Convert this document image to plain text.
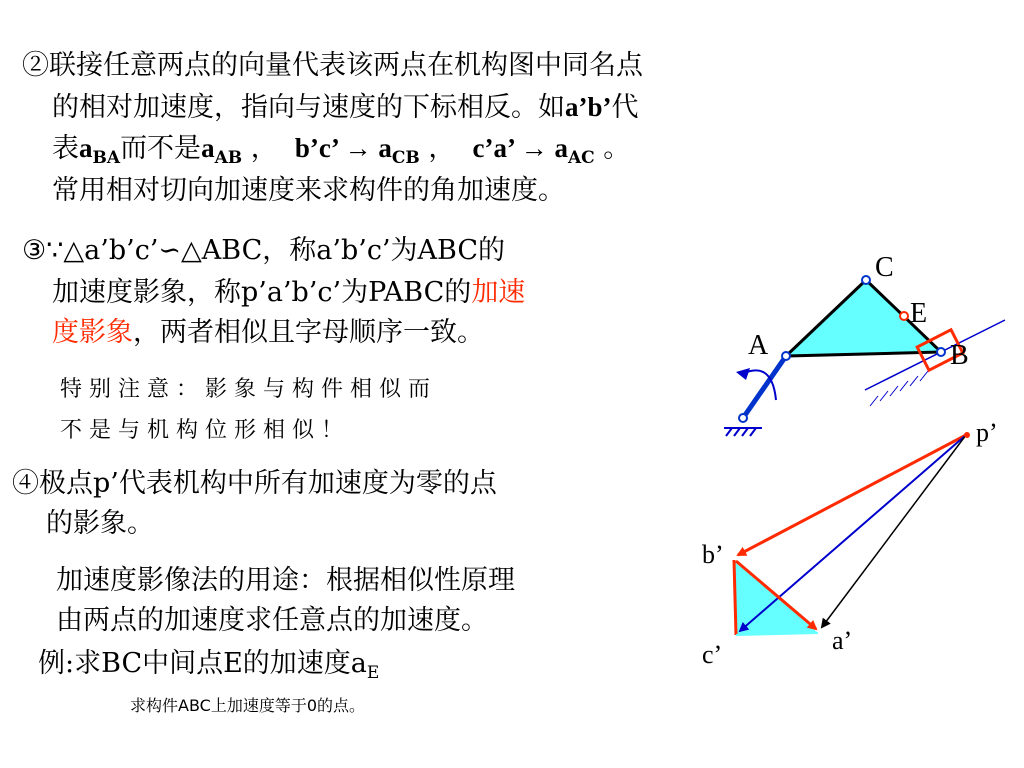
②联接任意两点的向量代表该两点在机构图中同名点
的相对加速度，指向与速度的下标相反。如a’b’代
表$a_{BA}$而不是$a_{AB}$ ，  b’c’ → $a_{CB}$ ，  c’a’ → $a_{AC}$ 。
常用相对切向加速度来求构件的角加速度。
③∵△a’b’c’∽△ABC，称a’b’c’为ABC的
加速度影象，称p’a’b’c’为PABC的加速
度影象，两者相似且字母顺序一致。
特别注意：影象与构件相似而
不是与机构位形相似！
④极点p’代表机构中所有加速度为零的点
的影象。
加速度影像法的用途：根据相似性原理
由两点的加速度求任意点的加速度。
例:求BC中间点E的加速度$a_E$
求构件ABC上加速度等于0的点。
C
E
A	B
p’
b’
c’	a’
